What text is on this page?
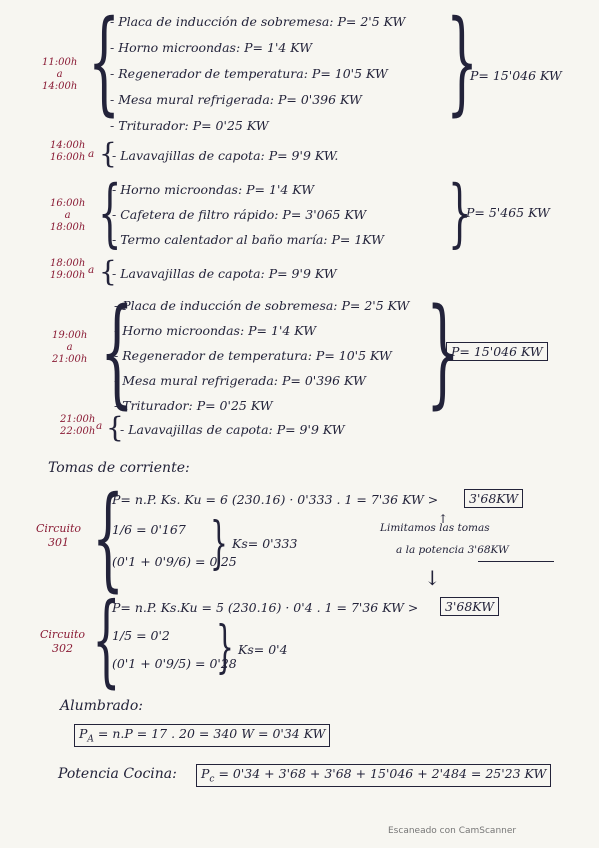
11:00h
a
14:00h {
- Placa de inducción de sobremesa: P= 2'5 KW
- Horno microondas: P= 1'4 KW
- Regenerador de temperatura: P= 10'5 KW
- Mesa mural refrigerada: P= 0'396 KW
- Triturador: P= 0'25 KW }
P= 15'046 KW
14:00h
16:00h a {
- Lavavajillas de capota: P= 9'9 KW.
16:00h
a
18:00h {
- Horno microondas: P= 1'4 KW
- Cafetera de filtro rápido: P= 3'065 KW
- Termo calentador al baño maría: P= 1KW }
P= 5'465 KW
18:00h
19:00h a {
- Lavavajillas de capota: P= 9'9 KW
19:00h
a
21:00h {
- Placa de inducción de sobremesa: P= 2'5 KW
- Horno microondas: P= 1'4 KW
- Regenerador de temperatura: P= 10'5 KW
- Mesa mural refrigerada: P= 0'396 KW
- Triturador: P= 0'25 KW }
P= 15'046 KW
21:00h
22:00h a {
- Lavavajillas de capota: P= 9'9 KW
Tomas de corriente:
Circuito
301 {
P= n.P. Ks. Ku = 6 (230.16) · 0'333 . 1 = 7'36 KW >	3'68KW
1/6 = 0'167
(0'1 + 0'9/6) = 0'25
} Ks= 0'333
Limitamos las tomas
a la potencia 3'68KW
↑
↓
Circuito
302 {
P= n.P. Ks.Ku = 5 (230.16) · 0'4 . 1 = 7'36 KW >	3'68KW
1/5 = 0'2
(0'1 + 0'9/5) = 0'28
} Ks= 0'4
Alumbrado:
$P_A = n.P = 17$ . 20 = 340 W = 0'34 KW
Potencia Cocina:	$P_c = 0'34 + 3'68 + 3'68 + 15'046 + 2'484 = 25'23$ KW
Escaneado con CamScanner
